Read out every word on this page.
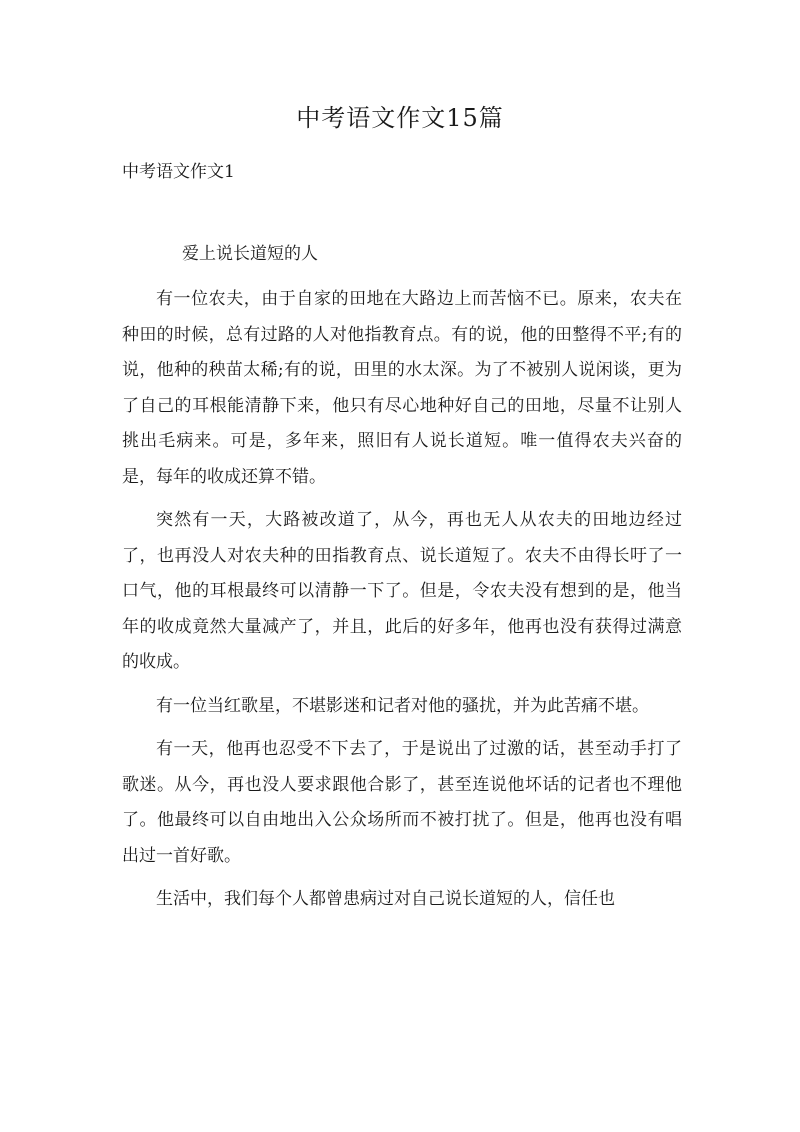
中考语文作文15篇
中考语文作文1
爱上说长道短的人

有一位农夫，由于自家的田地在大路边上而苦恼不已。原来，农夫在种田的时候，总有过路的人对他指教育点。有的说，他的田整得不平;有的说，他种的秧苗太稀;有的说，田里的水太深。为了不被别人说闲谈，更为了自己的耳根能清静下来，他只有尽心地种好自己的田地，尽量不让别人挑出毛病来。可是，多年来，照旧有人说长道短。唯一值得农夫兴奋的是，每年的收成还算不错。

突然有一天，大路被改道了，从今，再也无人从农夫的田地边经过了，也再没人对农夫种的田指教育点、说长道短了。农夫不由得长吁了一口气，他的耳根最终可以清静一下了。但是，令农夫没有想到的是，他当年的收成竟然大量减产了，并且，此后的好多年，他再也没有获得过满意的收成。

有一位当红歌星，不堪影迷和记者对他的骚扰，并为此苦痛不堪。

有一天，他再也忍受不下去了，于是说出了过激的话，甚至动手打了歌迷。从今，再也没人要求跟他合影了，甚至连说他坏话的记者也不理他了。他最终可以自由地出入公众场所而不被打扰了。但是，他再也没有唱出过一首好歌。

生活中，我们每个人都曾患病过对自己说长道短的人，信任也
